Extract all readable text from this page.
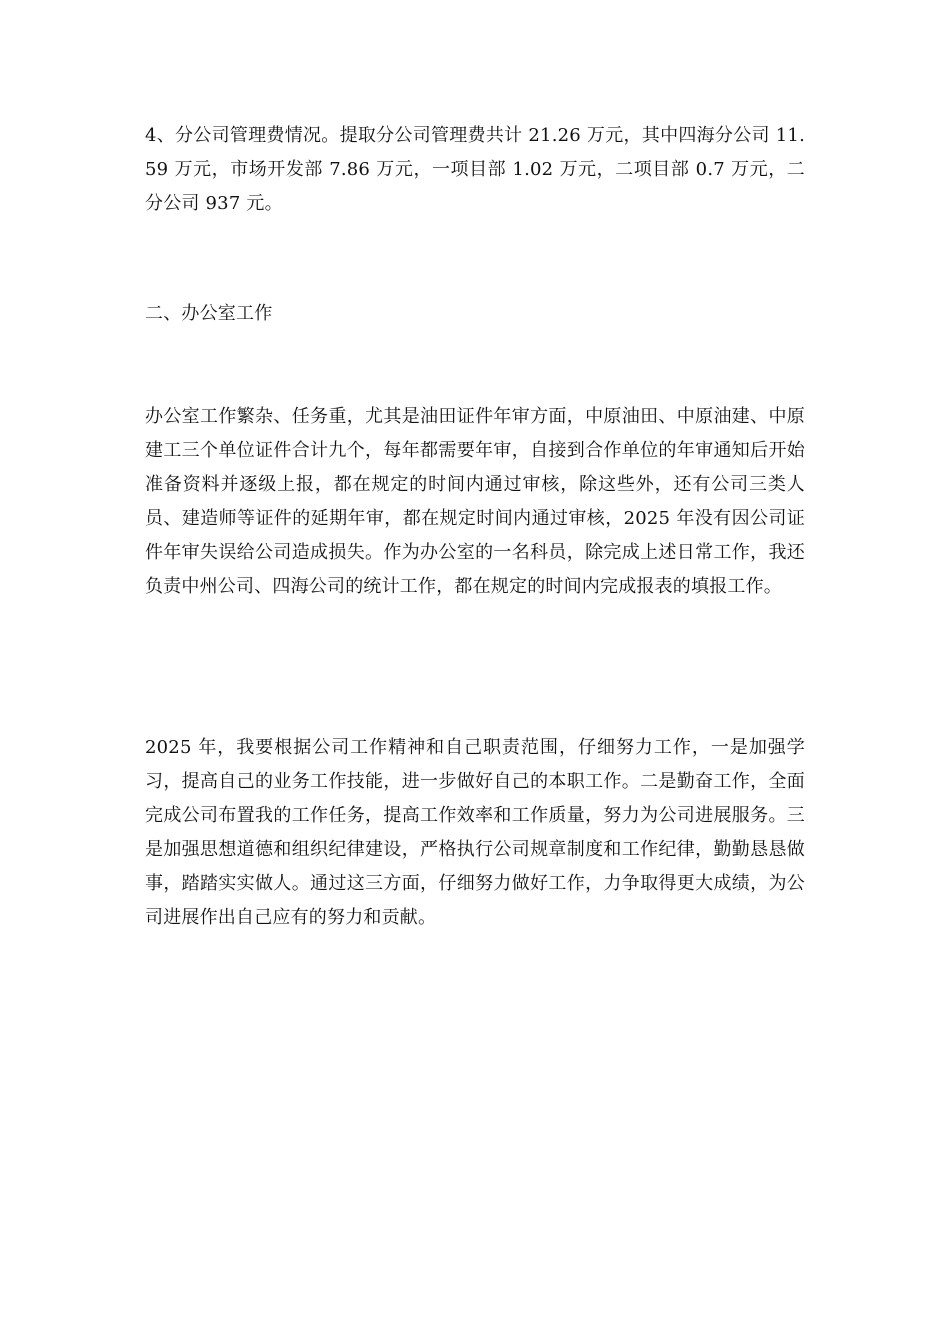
4、分公司管理费情况。提取分公司管理费共计 21.26 万元，其中四海分公司 11.59 万元，市场开发部 7.86 万元，一项目部 1.02 万元，二项目部 0.7 万元，二分公司 937 元。

二、办公室工作

办公室工作繁杂、任务重，尤其是油田证件年审方面，中原油田、中原油建、中原建工三个单位证件合计九个，每年都需要年审，自接到合作单位的年审通知后开始准备资料并逐级上报，都在规定的时间内通过审核，除这些外，还有公司三类人员、建造师等证件的延期年审，都在规定时间内通过审核，2025 年没有因公司证件年审失误给公司造成损失。作为办公室的一名科员，除完成上述日常工作，我还负责中州公司、四海公司的统计工作，都在规定的时间内完成报表的填报工作。

2025 年，我要根据公司工作精神和自己职责范围，仔细努力工作，一是加强学习，提高自己的业务工作技能，进一步做好自己的本职工作。二是勤奋工作，全面完成公司布置我的工作任务，提高工作效率和工作质量，努力为公司进展服务。三是加强思想道德和组织纪律建设，严格执行公司规章制度和工作纪律，勤勤恳恳做事，踏踏实实做人。通过这三方面，仔细努力做好工作，力争取得更大成绩，为公司进展作出自己应有的努力和贡献。
